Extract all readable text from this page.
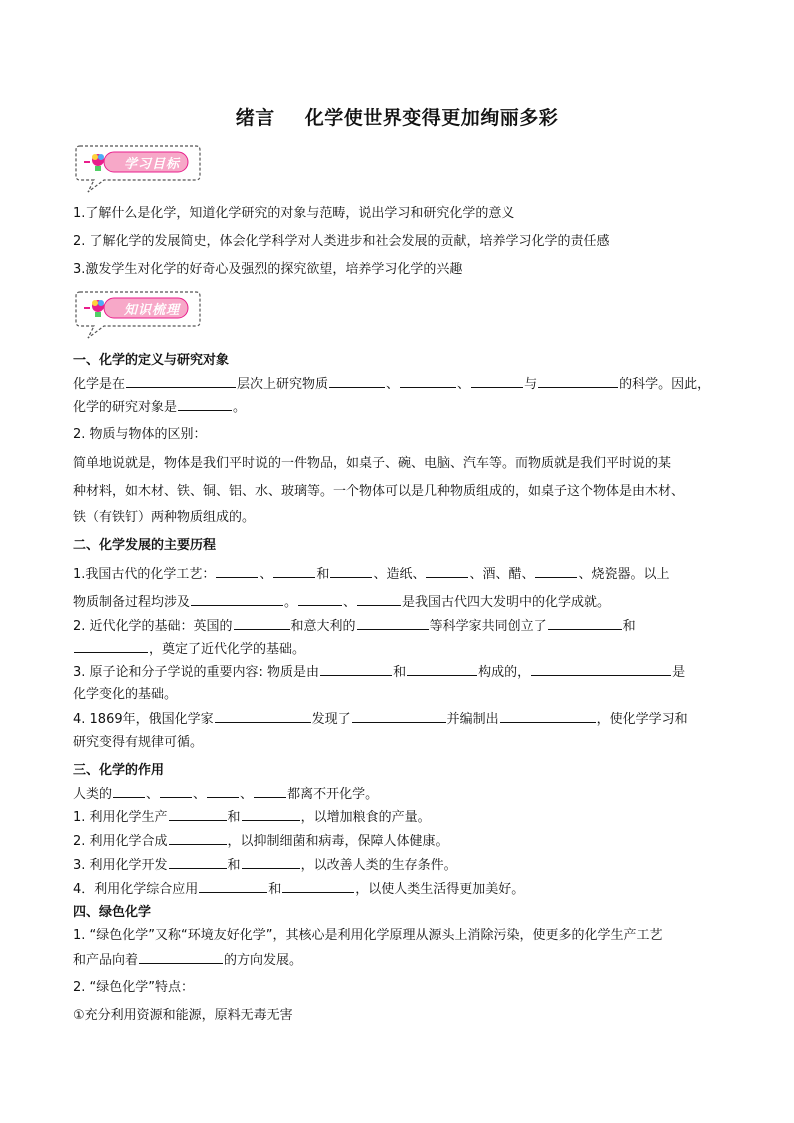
绪言 化学使世界变得更加绚丽多彩
学习目标
1.了解什么是化学，知道化学研究的对象与范畴，说出学习和研究化学的意义
2. 了解化学的发展简史，体会化学科学对人类进步和社会发展的贡献，培养学习化学的责任感
3.激发学生对化学的好奇心及强烈的探究欲望，培养学习化学的兴趣
知识梳理
一、化学的定义与研究对象
化学是在	层次上研究物质	、	、	与	的科学。因此，
化学的研究对象是	。
2. 物质与物体的区别：
简单地说就是，物体是我们平时说的一件物品，如桌子、碗、电脑、汽车等。而物质就是我们平时说的某
种材料，如木材、铁、铜、铝、水、玻璃等。一个物体可以是几种物质组成的，如桌子这个物体是由木材、
铁（有铁钉）两种物质组成的。
二、化学发展的主要历程
1.我国古代的化学工艺：	、	和	、造纸、	、酒、醋、	、烧瓷器。以上
物质制备过程均涉及	。	、	是我国古代四大发明中的化学成就。
2. 近代化学的基础：英国的	和意大利的	等科学家共同创立了	和
，奠定了近代化学的基础。
3. 原子论和分子学说的重要内容: 物质是由	和	构成的，	是
化学变化的基础。
4. 1869年，俄国化学家	发现了	并编制出	，使化学学习和
研究变得有规律可循。
三、化学的作用
人类的	、	、	、	都离不开化学。
1. 利用化学生产	和	，以增加粮食的产量。
2. 利用化学合成	，以抑制细菌和病毒，保障人体健康。
3. 利用化学开发	和	，以改善人类的生存条件。
4．利用化学综合应用	和	，以使人类生活得更加美好。
四、绿色化学
1. “绿色化学”又称“环境友好化学”，其核心是利用化学原理从源头上消除污染，使更多的化学生产工艺
和产品向着	的方向发展。
2. “绿色化学”特点：
①充分利用资源和能源，原料无毒无害
